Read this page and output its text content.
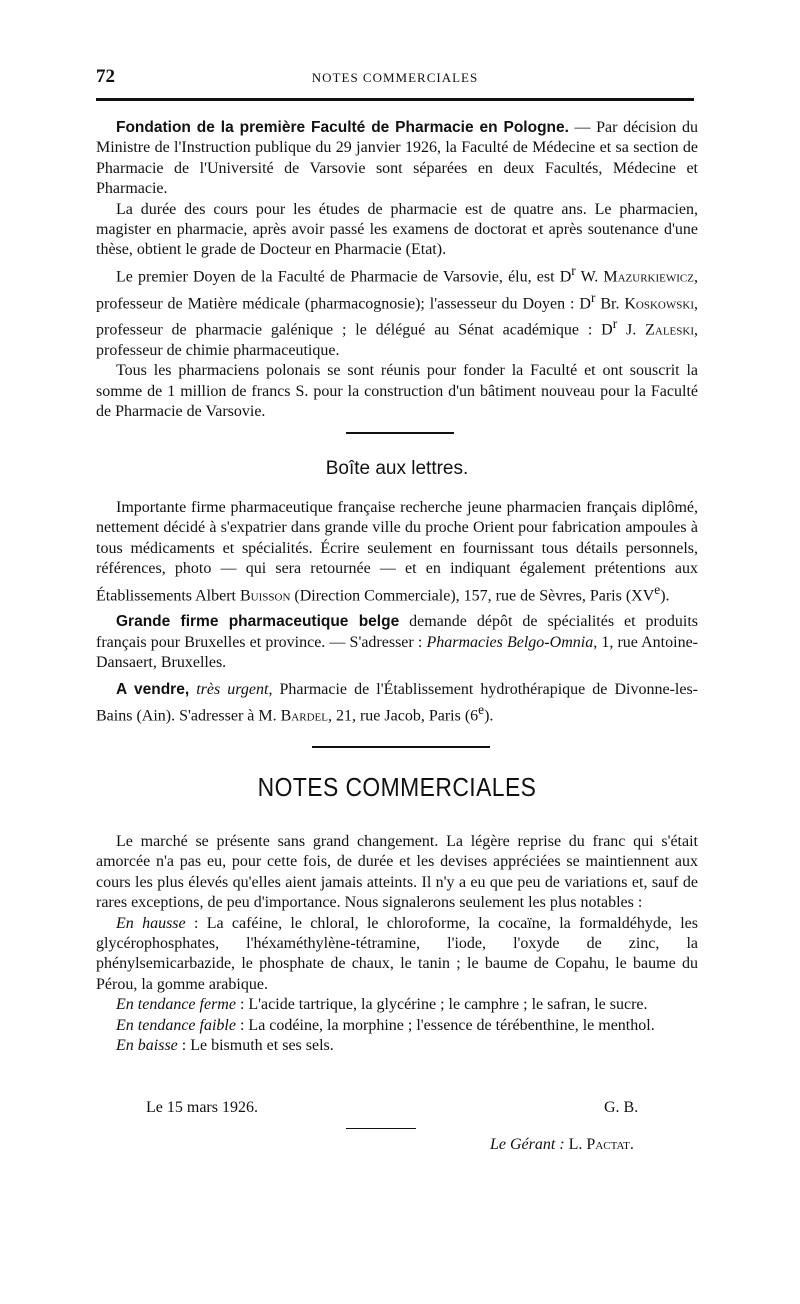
72	NOTES COMMERCIALES

Fondation de la première Faculté de Pharmacie en Pologne. — Par décision du Ministre de l'Instruction publique du 29 janvier 1926, la Faculté de Médecine et sa section de Pharmacie de l'Université de Varsovie sont séparées en deux Facultés, Médecine et Pharmacie.

La durée des cours pour les études de pharmacie est de quatre ans. Le pharmacien, magister en pharmacie, après avoir passé les examens de doctorat et après soutenance d'une thèse, obtient le grade de Docteur en Pharmacie (Etat).

Le premier Doyen de la Faculté de Pharmacie de Varsovie, élu, est $D^r$ W. Mazurkiewicz, professeur de Matière médicale (pharmacognosie); l'assesseur du Doyen : $D^r$ Br. Koskowski, professeur de pharmacie galénique ; le délégué au Sénat académique : $D^r$ J. Zaleski, professeur de chimie pharmaceutique.

Tous les pharmaciens polonais se sont réunis pour fonder la Faculté et ont souscrit la somme de 1 million de francs S. pour la construction d'un bâtiment nouveau pour la Faculté de Pharmacie de Varsovie.

Boîte aux lettres.

Importante firme pharmaceutique française recherche jeune pharmacien français diplômé, nettement décidé à s'expatrier dans grande ville du proche Orient pour fabrication ampoules à tous médicaments et spécialités. Écrire seulement en fournissant tous détails personnels, références, photo — qui sera retournée — et en indiquant également prétentions aux Établissements Albert Buisson (Direction Commerciale), 157, rue de Sèvres, Paris (XVe).

Grande firme pharmaceutique belge demande dépôt de spécialités et produits français pour Bruxelles et province. — S'adresser : Pharmacies Belgo-Omnia, 1, rue Antoine-Dansaert, Bruxelles.

A vendre, très urgent, Pharmacie de l'Établissement hydrothérapique de Divonne-les-Bains (Ain). S'adresser à M. Bardel, 21, rue Jacob, Paris (6e).

NOTES COMMERCIALES

Le marché se présente sans grand changement. La légère reprise du franc qui s'était amorcée n'a pas eu, pour cette fois, de durée et les devises appréciées se maintiennent aux cours les plus élevés qu'elles aient jamais atteints. Il n'y a eu que peu de variations et, sauf de rares exceptions, de peu d'importance. Nous signalerons seulement les plus notables :

En hausse : La caféine, le chloral, le chloroforme, la cocaïne, la formaldéhyde, les glycérophosphates, l'héxaméthylène-tétramine, l'iode, l'oxyde de zinc, la phénylsemicarbazide, le phosphate de chaux, le tanin ; le baume de Copahu, le baume du Pérou, la gomme arabique.

En tendance ferme : L'acide tartrique, la glycérine ; le camphre ; le safran, le sucre.

En tendance faible : La codéine, la morphine ; l'essence de térébenthine, le menthol.

En baisse : Le bismuth et ses sels.

Le 15 mars 1926.	G. B.
Le Gérant : L. Pactat.
